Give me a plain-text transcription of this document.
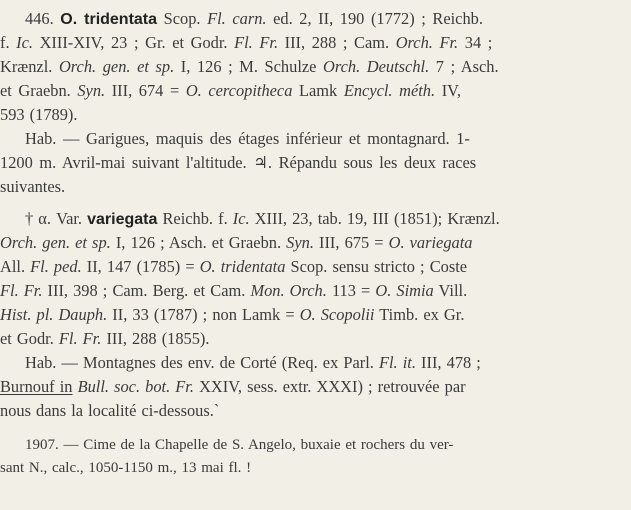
446. O. tridentata Scop. Fl. carn. ed. 2, II, 190 (1772) ; Reichb.
f. Ic. XIII-XIV, 23 ; Gr. et Godr. Fl. Fr. III, 288 ; Cam. Orch. Fr. 34 ;
Krænzl. Orch. gen. et sp. I, 126 ; M. Schulze Orch. Deutschl. 7 ; Asch.
et Graebn. Syn. III, 674 = O. cercopitheca Lamk Encycl. méth. IV,
593 (1789).
Hab. — Garigues, maquis des étages inférieur et montagnard. 1-
1200 m. Avril-mai suivant l'altitude. ♃. Répandu sous les deux races
suivantes.
† α. Var. variegata Reichb. f. Ic. XIII, 23, tab. 19, III (1851); Krænzl.
Orch. gen. et sp. I, 126 ; Asch. et Graebn. Syn. III, 675 = O. variegata
All. Fl. ped. II, 147 (1785) = O. tridentata Scop. sensu stricto ; Coste
Fl. Fr. III, 398 ; Cam. Berg. et Cam. Mon. Orch. 113 = O. Simia Vill.
Hist. pl. Dauph. II, 33 (1787) ; non Lamk = O. Scopolii Timb. ex Gr.
et Godr. Fl. Fr. III, 288 (1855).
Hab. — Montagnes des env. de Corté (Req. ex Parl. Fl. it. III, 478 ;
Burnouf in Bull. soc. bot. Fr. XXIV, sess. extr. XXXI) ; retrouvée par
nous dans la localité ci-dessous.`
1907. — Cime de la Chapelle de S. Angelo, buxaie et rochers du ver-
sant N., calc., 1050-1150 m., 13 mai fl. !
